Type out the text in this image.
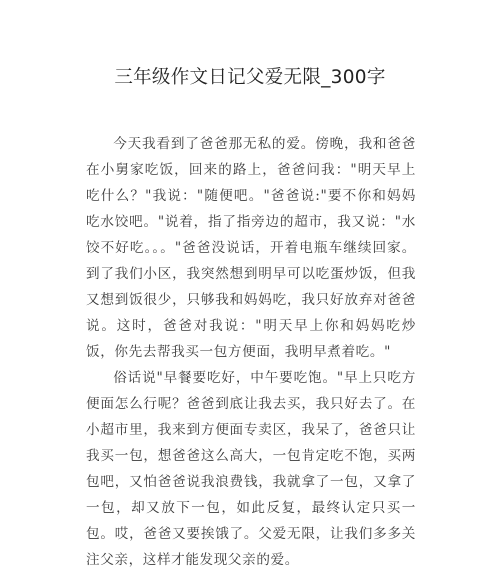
三年级作文日记父爱无限_300字

今天我看到了爸爸那无私的爱。傍晚，我和爸爸在小舅家吃饭，回来的路上，爸爸问我："明天早上吃什么？"我说："随便吧。"爸爸说:"要不你和妈妈吃水饺吧。"说着，指了指旁边的超市，我又说："水饺不好吃。。。"爸爸没说话，开着电瓶车继续回家。到了我们小区，我突然想到明早可以吃蛋炒饭，但我又想到饭很少，只够我和妈妈吃，我只好放弃对爸爸说。这时，爸爸对我说："明天早上你和妈妈吃炒饭，你先去帮我买一包方便面，我明早煮着吃。"

俗话说"早餐要吃好，中午要吃饱。"早上只吃方便面怎么行呢？爸爸到底让我去买，我只好去了。在小超市里，我来到方便面专卖区，我呆了，爸爸只让我买一包，想爸爸这么高大，一包肯定吃不饱，买两包吧，又怕爸爸说我浪费钱，我就拿了一包，又拿了一包，却又放下一包，如此反复，最终认定只买一包。哎，爸爸又要挨饿了。父爱无限，让我们多多关注父亲，这样才能发现父亲的爱。
